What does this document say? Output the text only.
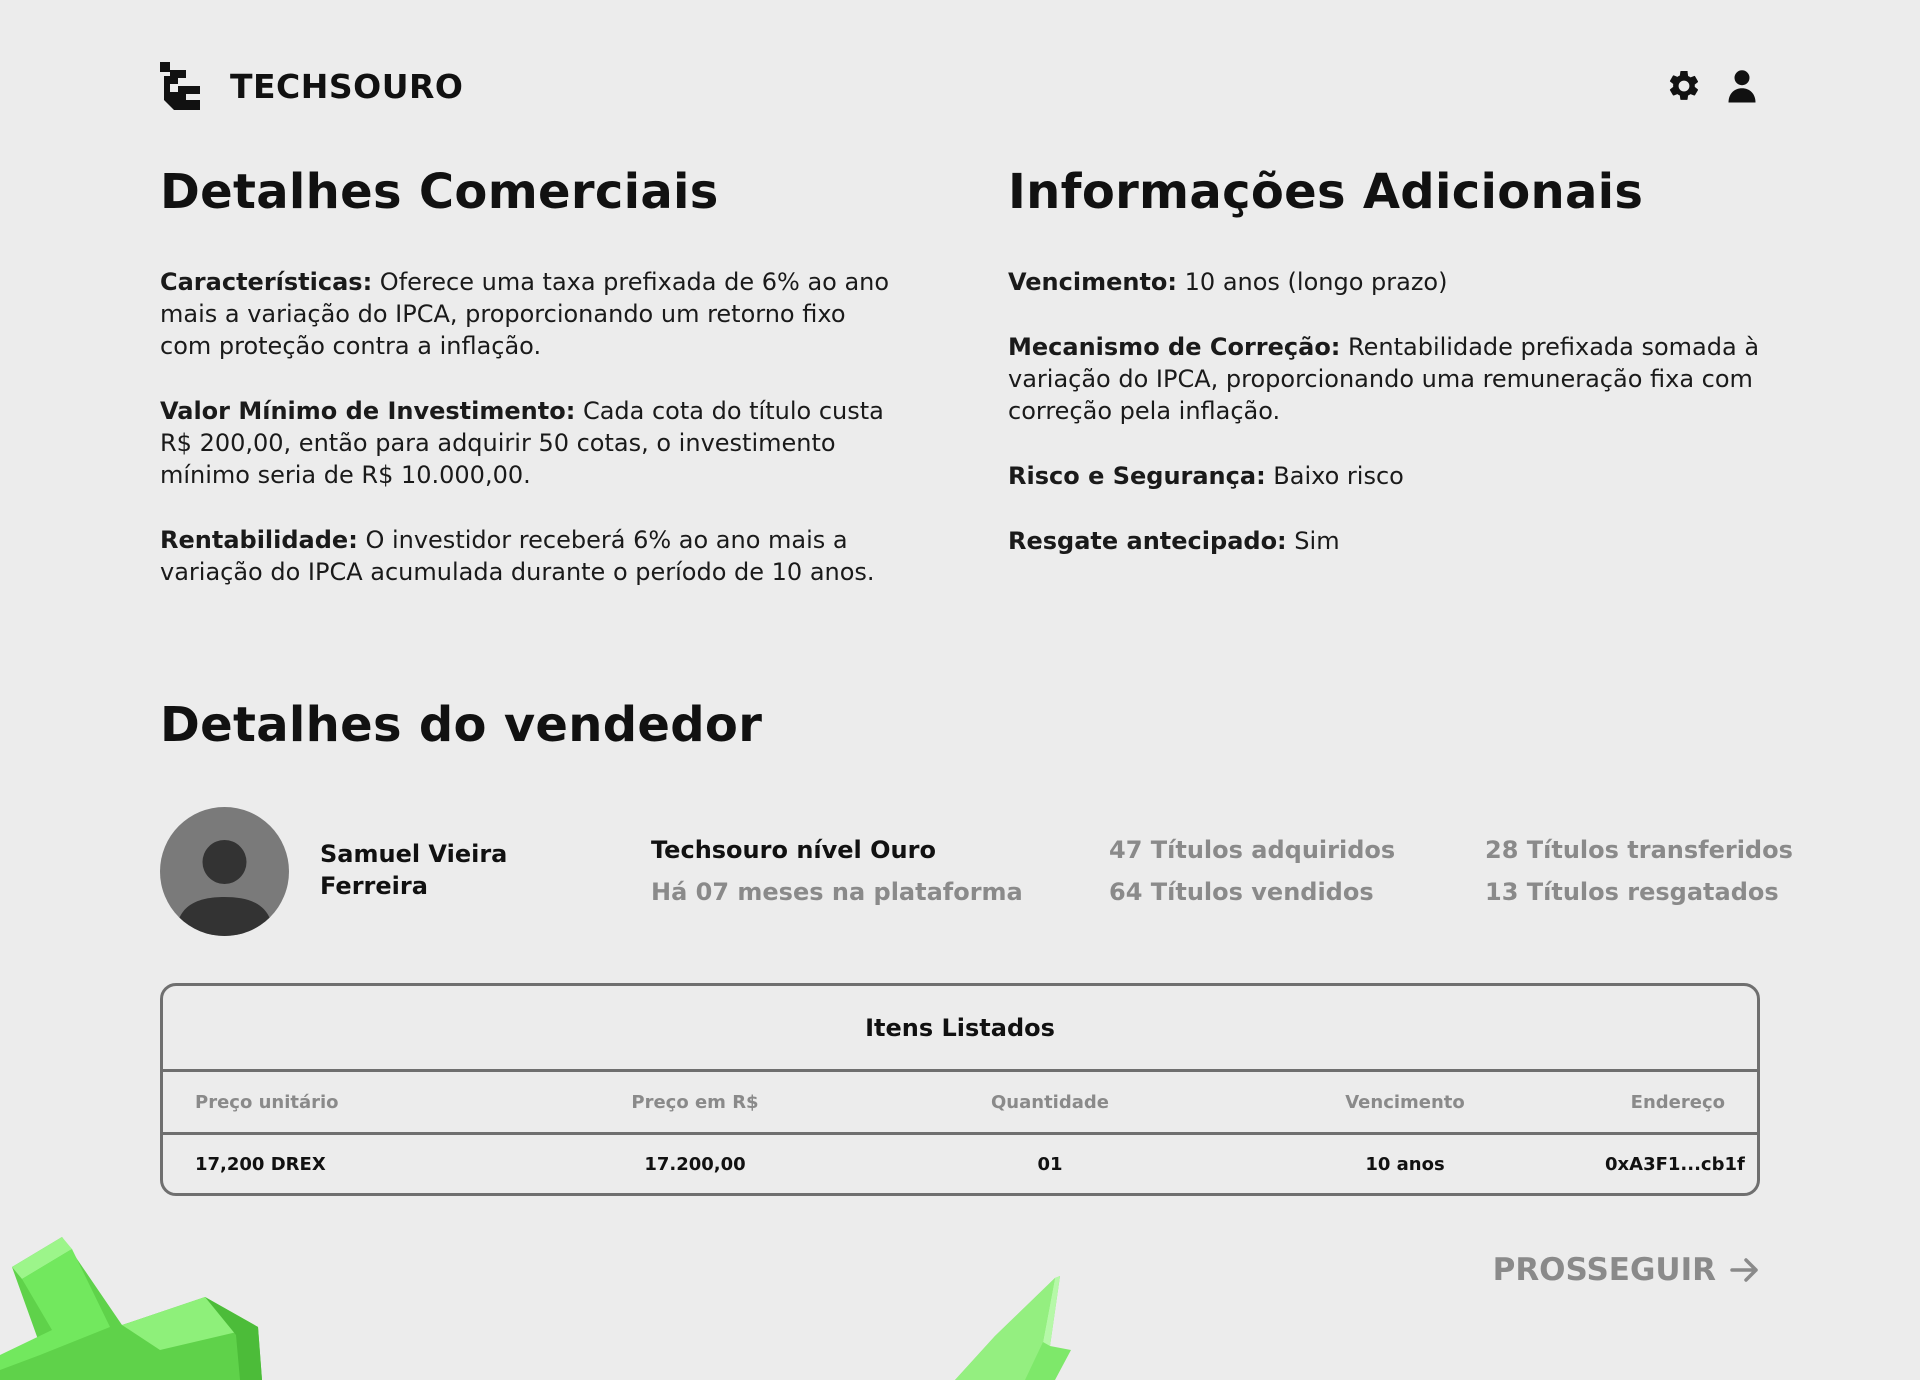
TECHSOURO
Detalhes Comerciais

Características: Oferece uma taxa prefixada de 6% ao ano mais a variação do IPCA, proporcionando um retorno fixo com proteção contra a inflação.

Valor Mínimo de Investimento: Cada cota do título custa R$ 200,00, então para adquirir 50 cotas, o investimento mínimo seria de R$ 10.000,00.

Rentabilidade: O investidor receberá 6% ao ano mais a variação do IPCA acumulada durante o período de 10 anos.

Informações Adicionais

Vencimento: 10 anos (longo prazo)

Mecanismo de Correção: Rentabilidade prefixada somada à variação do IPCA, proporcionando uma remuneração fixa com correção pela inflação.

Risco e Segurança: Baixo risco

Resgate antecipado: Sim

Detalhes do vendedor
Samuel Vieira Ferreira
Techsouro nível Ouro
Há 07 meses na plataforma
47 Títulos adquiridos
64 Títulos vendidos
28 Títulos transferidos
13 Títulos resgatados
Itens Listados
Preço unitário	Preço em R$	Quantidade	Vencimento	Endereço
17,200 DREX	17.200,00	01	10 anos	0xA3F1...cb1f
PROSSEGUIR
